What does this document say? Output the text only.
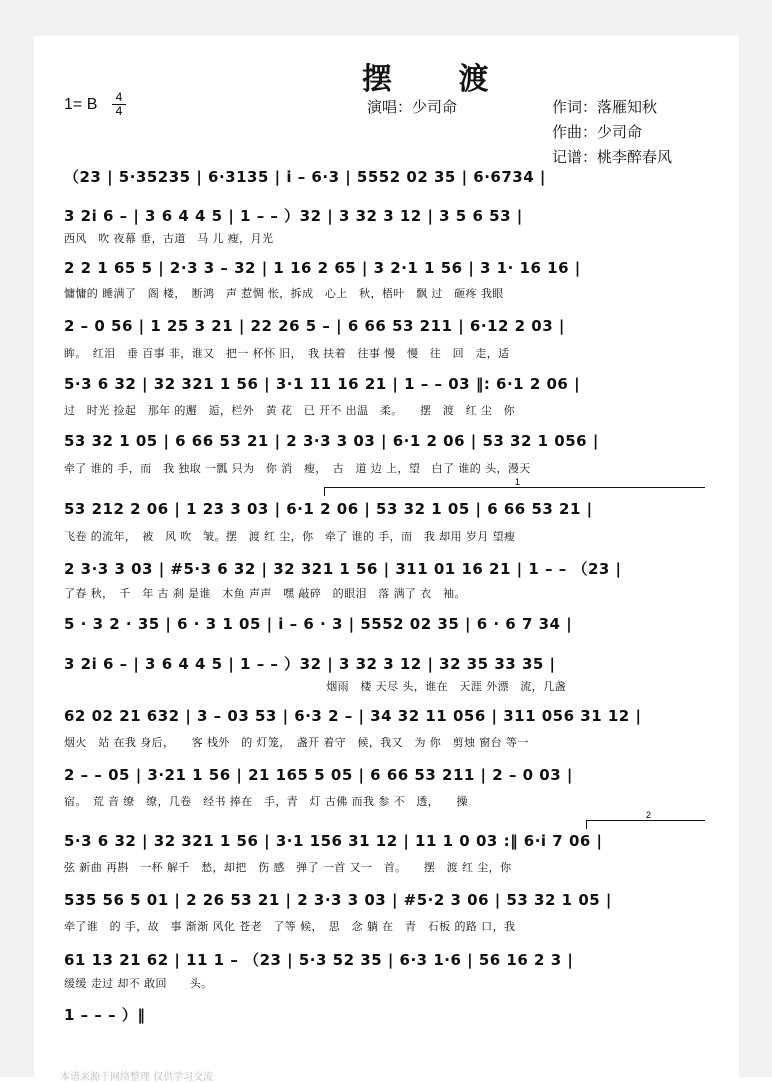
摆 渡
1= B $\frac{4}{4}$	演唱：少司命	作词：落雁知秋
作曲：少司命
记谱：桃李醉春风
（23 | 5·35235 | 6·3135 | i – 6·3 | 5552 02 35 | 6·6734 |
3 2i 6 – | 3 6 4 4 5 | 1 – – ）32 | 3 32 3 12 | 3 5 6 53 |
西风　吹 夜幕 垂，古道　马 儿 瘦，月光
2 2 1 65 5 | 2·3 3 – 32 | 1 16 2 65 | 3 2·1 1 56 | 3 1· 16 16 |
慵慵的 睡满了　阁 楼，　断鸿　声 惹惆 怅，拆成　心上　秋，梧叶　飘 过　砸疼 我眼
2 – 0 56 | 1 25 3 21 | 22 26 5 – | 6 66 53 211 | 6·12 2 03 |
眸。　红泪　垂 百事 非，谁又　把一 杯怀 旧，　我 扶着　往事 慢　慢　往　回　走，适
5·3 6 32 | 32 321 1 56 | 3·1 11 16 21 | 1 – – 03 ‖: 6·1 2 06 |
过　时光 捡起　那年 的邂　逅，栏外　黄 花　已 开不 出温　柔。　　摆　渡　红 尘　你
53 32 1 05 | 6 66 53 21 | 2 3·3 3 03 | 6·1 2 06 | 53 32 1 056 |
牵了 谁的 手，而　我 独取 一瓢 只为　你 消　瘦，　古　道 边 上，望　白了 谁的 头，漫天
1
53 212 2 06 | 1 23 3 03 | 6·1 2 06 | 53 32 1 05 | 6 66 53 21 |
飞卷 的流年，　被　风 吹　皱。摆　渡 红 尘，你　牵了 谁的 手，而　我 却用 岁月 望瘦
2 3·3 3 03 | #5·3 6 32 | 32 321 1 56 | 311 01 16 21 | 1 – – （23 |
了春 秋，　千　年 古 刹 是谁　木鱼 声声　嘿 敲碎　的眼泪　落 满了 衣　袖。
5 · 3 2 · 35 | 6 · 3 1 05 | i – 6 · 3 | 5552 02 35 | 6 · 6 7 34 |
3 2i 6 – | 3 6 4 4 5 | 1 – – ）32 | 3 32 3 12 | 32 35 33 35 |
　　　　　　　　　　　　　　　　　　　　　　　烟雨　楼 天尽 头，谁在　天涯 外漂　流，几盏
62 02 21 632 | 3 – 03 53 | 6·3 2 – | 34 32 11 056 | 311 056 31 12 |
烟火　站 在我 身后，　　客 栈外　的 灯笼，　盏开 着守　候，我又　为 你　剪烛 窗台 等一
2 – – 05 | 3·21 1 56 | 21 165 5 05 | 6 66 53 211 | 2 – 0 03 |
宿。　荒 音 缭　缭，几卷　经书 捧在　手，青　灯 古佛 而我 参 不　透，　　操
2
5·3 6 32 | 32 321 1 56 | 3·1 156 31 12 | 11 1 0 03 :‖ 6·i 7 06 |
弦 新曲 再斟　一杯 解千　愁，却把　伤 感　弹了 一首 又一　首。　　摆　渡 红 尘，你
535 56 5 01 | 2 26 53 21 | 2 3·3 3 03 | #5·2 3 06 | 53 32 1 05 |
牵了谁　的 手，故　事 渐渐 风化 苍老　了等 候，　思　念 躺 在　青　石板 的路 口，我
61 13 21 62 | 11 1 – （23 | 5·3 52 35 | 6·3 1·6 | 56 16 2 3 |
缓缓 走过 却不 敢回　　头。
1 – – – ）‖
本谱来源于网络整理 仅供学习交流
